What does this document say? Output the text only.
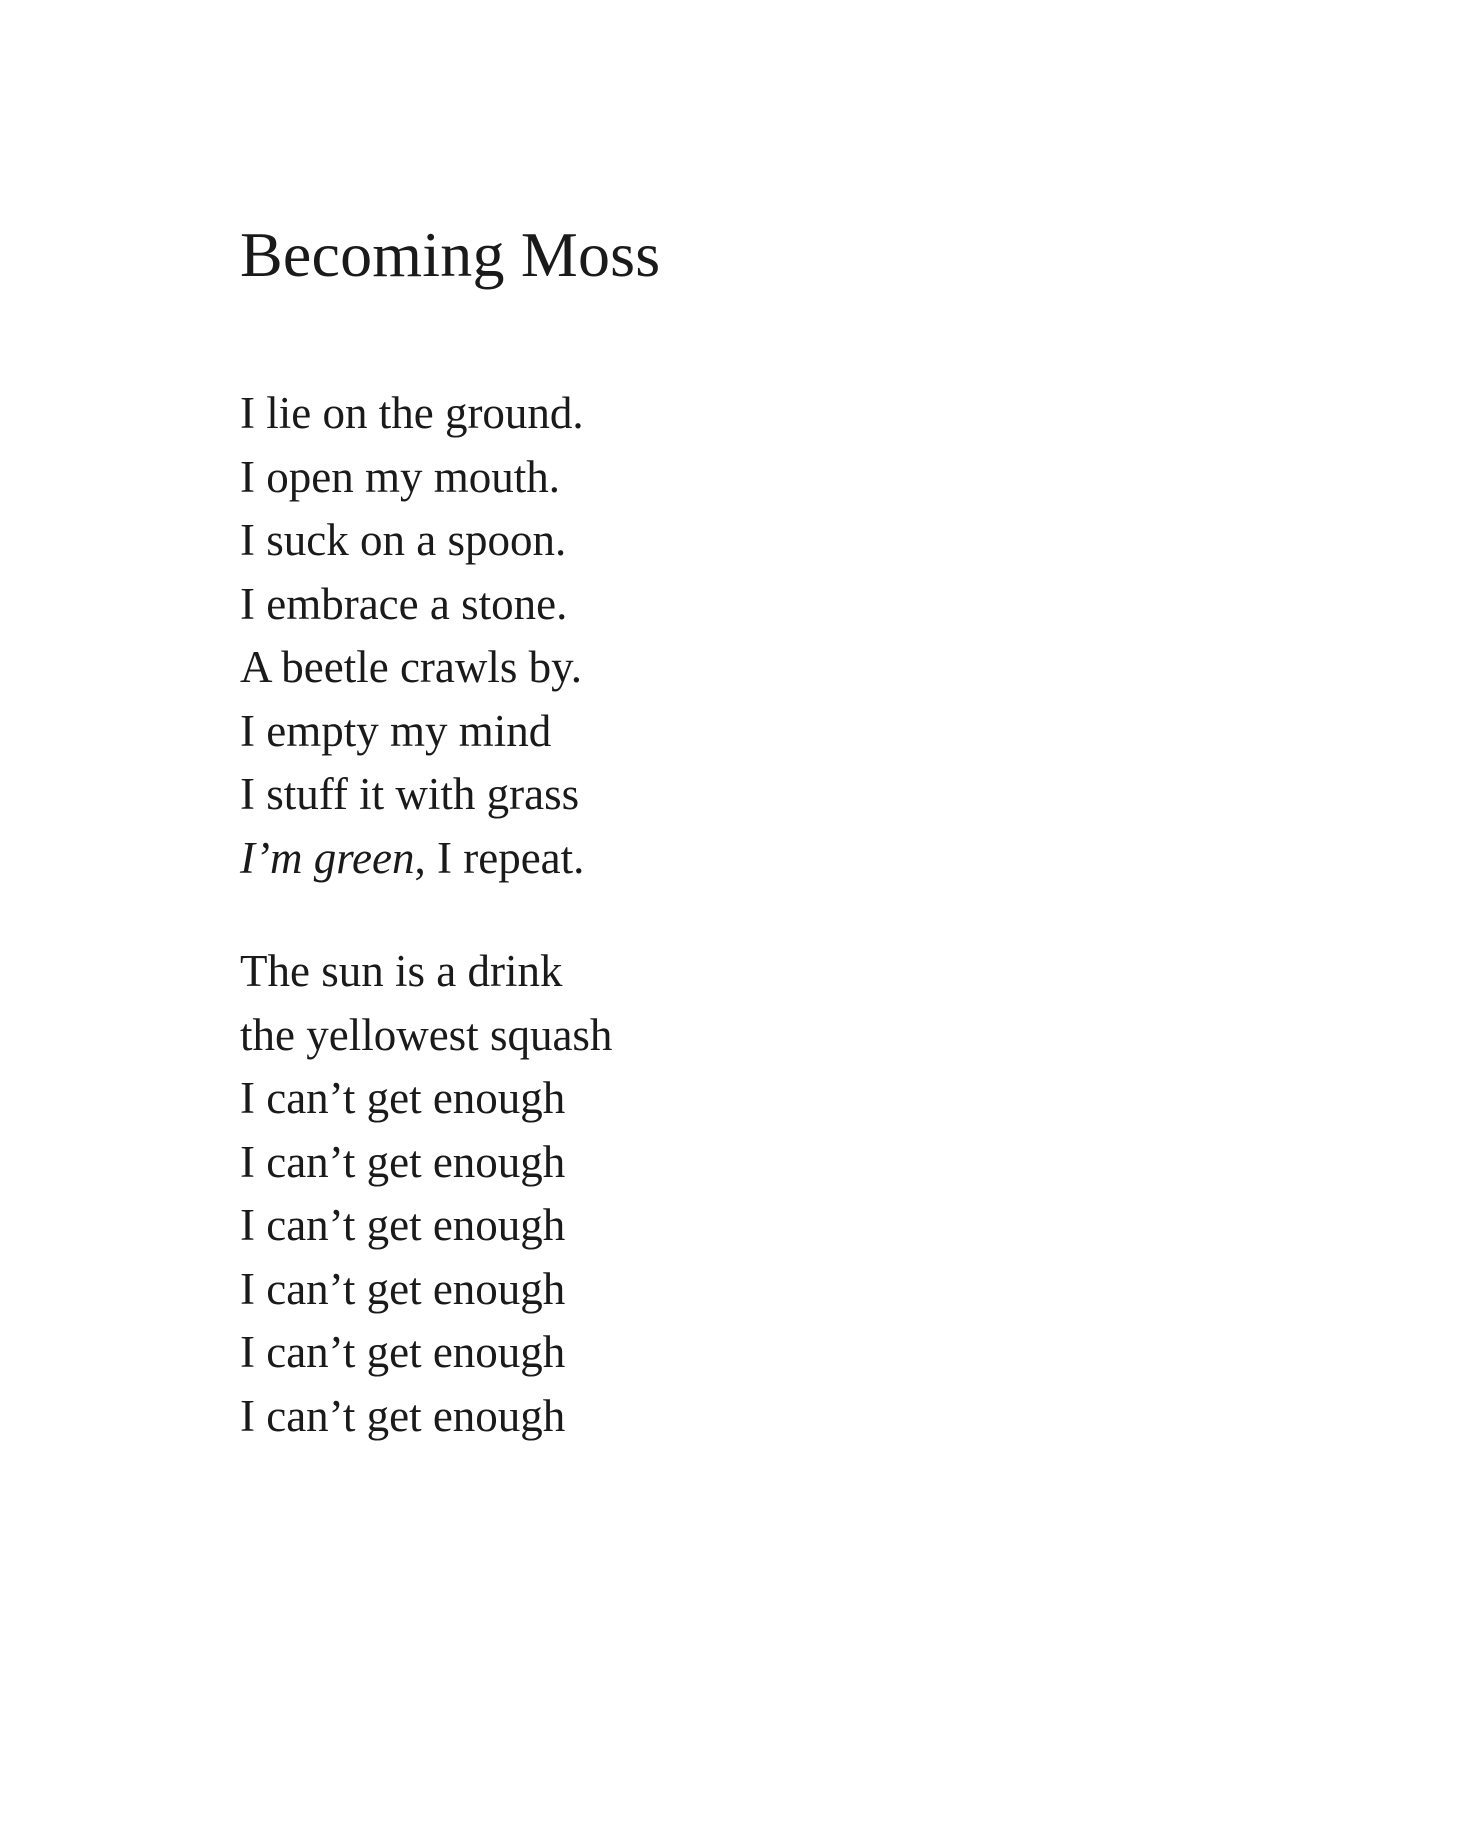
Becoming Moss
I lie on the ground.
I open my mouth.
I suck on a spoon.
I embrace a stone.
A beetle crawls by.
I empty my mind
I stuff it with grass
I’m green, I repeat.
The sun is a drink
the yellowest squash
I can’t get enough
I can’t get enough
I can’t get enough
I can’t get enough
I can’t get enough
I can’t get enough
